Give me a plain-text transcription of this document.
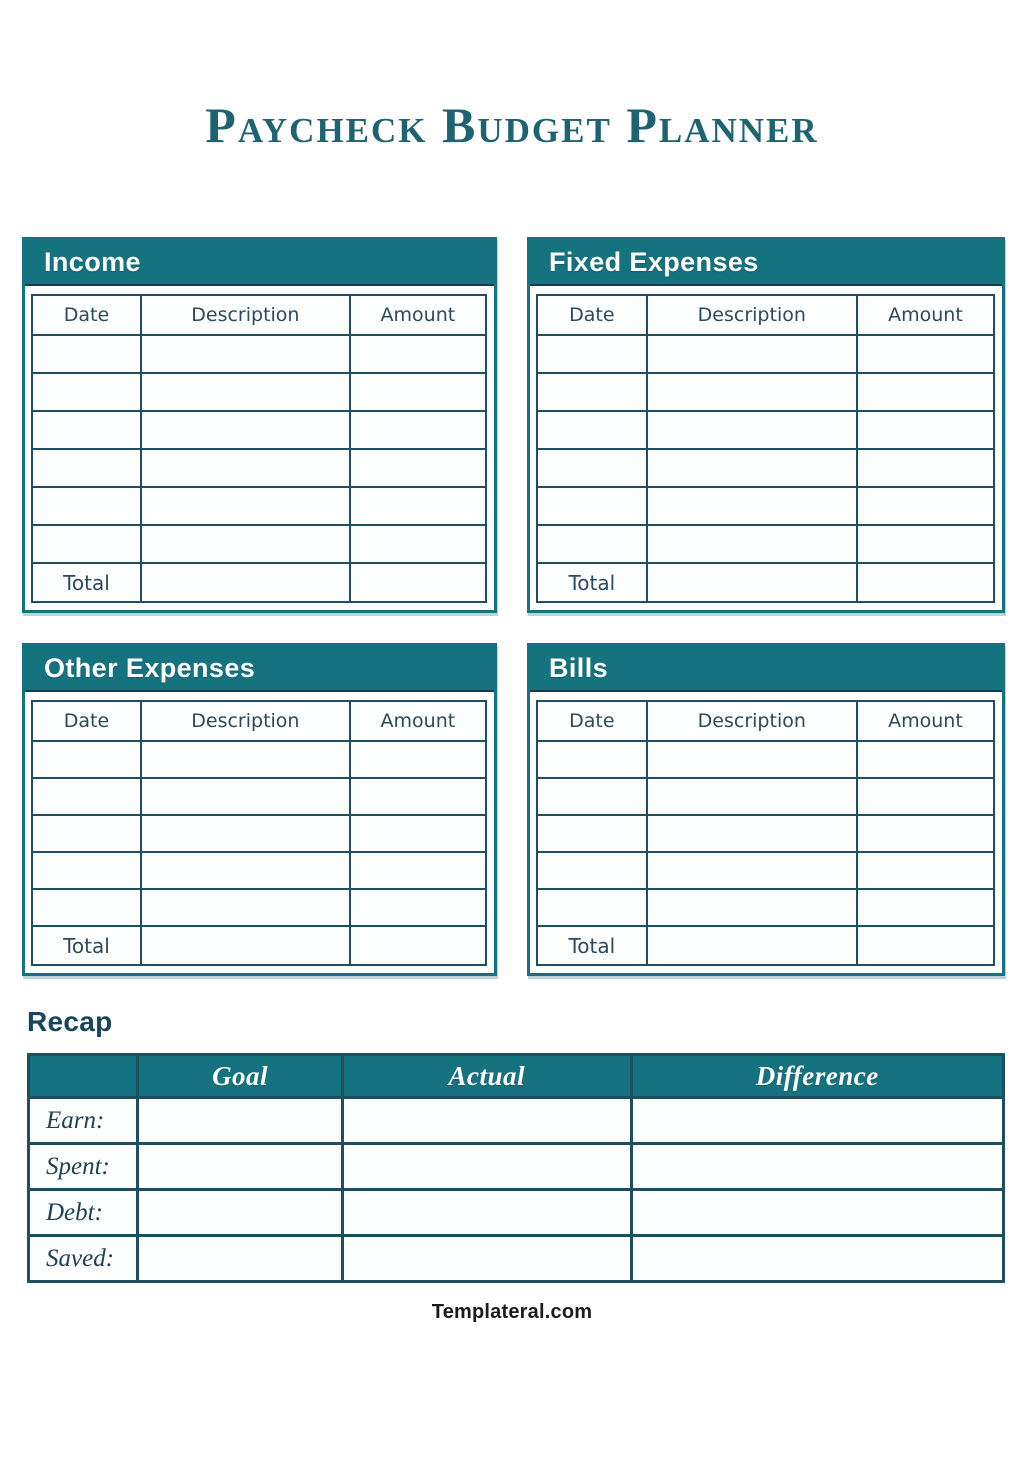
Paycheck Budget Planner
Income
Date	Description	Amount

Total		
Fixed Expenses
Date	Description	Amount

Total		
Other Expenses
Date	Description	Amount

Total		
Bills
Date	Description	Amount

Total		
Recap
	Goal	Actual	Difference
Earn:			
Spent:			
Debt:			
Saved:			
Templateral.com
